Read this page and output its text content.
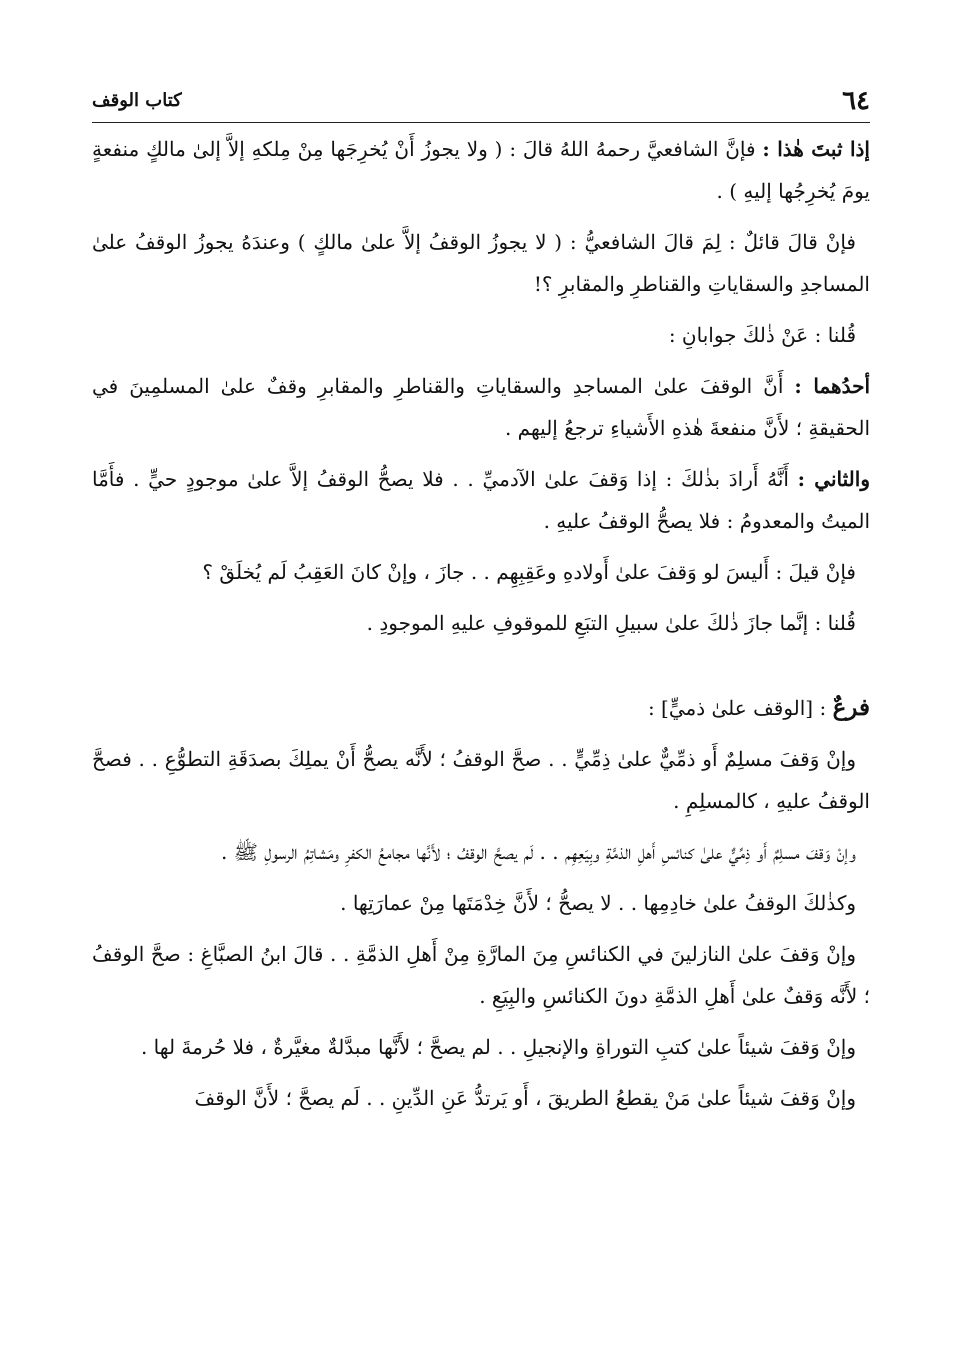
٦٤
كتاب الوقف

إذا ثبتَ هٰذا : فإنَّ الشافعيَّ رحمهُ اللهُ قالَ : ( ولا يجوزُ أَنْ يُخرِجَها مِنْ مِلكهِ إلاَّ إلىٰ مالكٍ منفعةٍ يومَ يُخرِجُها إليهِ ) .

فإنْ قالَ قائلٌ : لِمَ قالَ الشافعيُّ : ( لا يجوزُ الوقفُ إلاَّ علىٰ مالكٍ ) وعندَهُ يجوزُ الوقفُ علىٰ المساجدِ والسقاياتِ والقناطرِ والمقابرِ ؟!

قُلنا : عَنْ ذٰلكَ جوابانِ :

أحدُهما : أَنَّ الوقفَ علىٰ المساجدِ والسقاياتِ والقناطرِ والمقابرِ وقفٌ علىٰ المسلمِينَ في الحقيقةِ ؛ لأَنَّ منفعةَ هٰذهِ الأَشياءِ ترجعُ إليهم .

والثاني : أَنَّهُ أَرادَ بذٰلكَ : إذا وَقفَ علىٰ الآدميِّ . . فلا يصحُّ الوقفُ إلاَّ علىٰ موجودٍ حيٍّ . فأَمَّا الميتُ والمعدومُ : فلا يصحُّ الوقفُ عليهِ .

فإنْ قيلَ : أَليسَ لو وَقفَ علىٰ أَولادهِ وعَقِبِهِم . . جازَ ، وإنْ كانَ العَقِبُ لَم يُخلَقْ ؟

قُلنا : إنَّما جازَ ذٰلكَ علىٰ سبيلِ التبَعِ للموقوفِ عليهِ الموجودِ .

فرعٌ : [الوقف علىٰ ذميٍّ] :

وإنْ وَقفَ مسلِمٌ أَو ذمِّيٌّ علىٰ ذِمِّيٍّ . . صحَّ الوقفُ ؛ لأَنَّه يصحُّ أَنْ يملِكَ بصدَقَةِ التطوُّعِ . . فصحَّ الوقفُ عليهِ ، كالمسلِمِ .

وإنْ وَقفَ مسلِمٌ أَو ذِمِّيٌّ علىٰ كنائسِ أَهلِ الذمَّةِ وبِيَعِهِم . . لَم يصحَّ الوقفُ ؛ لأَنَّها مجامعُ الكفرِ ومَشاتِمُ الرسولِ ﷺ .

وكذٰلكَ الوقفُ علىٰ خادِمِها . . لا يصحُّ ؛ لأَنَّ خِدْمَتَها مِنْ عمارَتِها .

وإنْ وَقفَ علىٰ النازلينَ في الكنائسِ مِنَ المارَّةِ مِنْ أَهلِ الذمَّةِ . . قالَ ابنُ الصبَّاغِ : صحَّ الوقفُ ؛ لأَنَّه وَقفٌ علىٰ أَهلِ الذمَّةِ دونَ الكنائسِ والبِيَعِ .

وإنْ وَقفَ شيئاً علىٰ كتبِ التوراةِ والإنجيلِ . . لم يصحَّ ؛ لأَنَّها مبدَّلةٌ مغيَّرةٌ ، فلا حُرمةَ لها .

وإنْ وَقفَ شيئاً علىٰ مَنْ يقطعُ الطريقَ ، أَو يَرتدُّ عَنِ الدِّينِ . . لَم يصحَّ ؛ لأَنَّ الوقفَ
